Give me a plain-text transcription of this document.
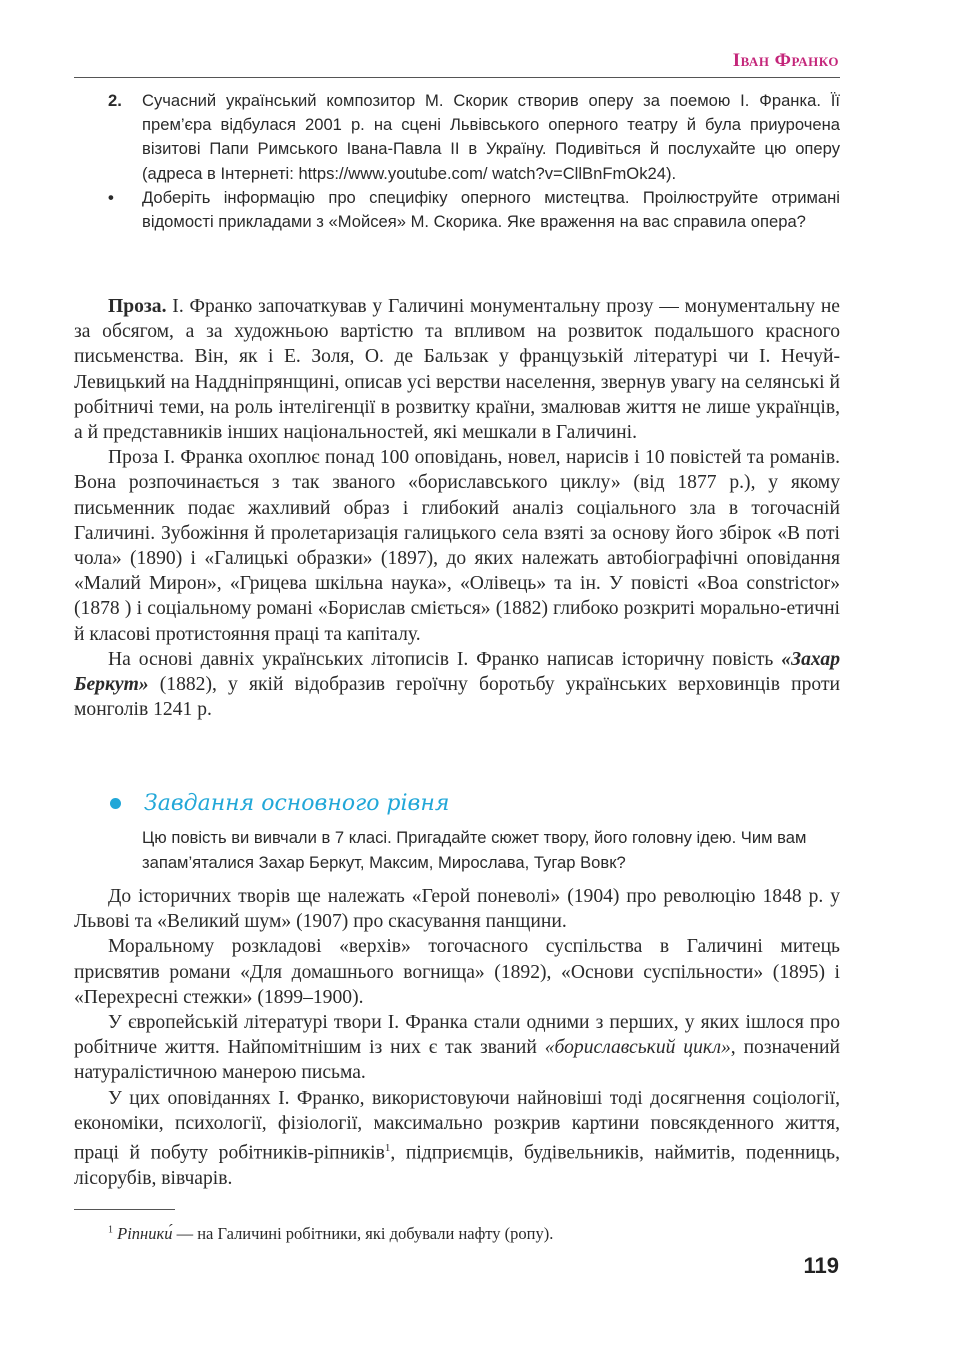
Іван Франко
2.	Сучасний український композитор М. Скорик створив оперу за поемою І. Франка. Її прем’єра відбулася 2001 р. на сцені Львівського оперного театру й була приурочена візитові Папи Римського Івана-Павла ІІ в Україну. Подивіться й послухайте цю оперу (адреса в Інтернеті: https://www.youtube.com/ watch?v=CllBnFmOk24).
•	Доберіть інформацію про специфіку оперного мистецтва. Проілюструйте отримані відомості прикладами з «Мойсея» М. Скорика. Яке враження на вас справила опера?

Проза. І. Франко започаткував у Галичині монументальну прозу — монументальну не за обсягом, а за художньою вартістю та впливом на розвиток подальшого красного письменства. Він, як і Е. Золя, О. де Бальзак у французькій літературі чи І. Нечуй-Левицький на Наддніпрянщині, описав усі верстви населення, звернув увагу на селянські й робітничі теми, на роль інтелігенції в розвитку країни, змалював життя не лише українців, а й представників інших національностей, які мешкали в Галичині.

Проза І. Франка охоплює понад 100 оповідань, новел, нарисів і 10 повістей та романів. Вона розпочинається з так званого «бориславського циклу» (від 1877 р.), у якому письменник подає жахливий образ і глибокий аналіз соціального зла в тогочасній Галичині. Зубожіння й пролетаризація галицького села взяті за основу його збірок «В поті чола» (1890) і «Галицькі образки» (1897), до яких належать автобіографічні оповідання «Малий Мирон», «Грицева шкільна наука», «Олівець» та ін. У повісті «Boa constrictor» (1878 ) і соціальному романі «Борислав сміється» (1882) глибоко розкриті морально-етичні й класові протистояння праці та капіталу.

На основі давніх українських літописів І. Франко написав історичну повість «Захар Беркут» (1882), у якій відобразив героїчну боротьбу українських верховинців проти монголів 1241 р.

Завдання основного рівня
Цю повість ви вивчали в 7 класі. Пригадайте сюжет твору, його головну ідею. Чим вам запам’яталися Захар Беркут, Максим, Мирослава, Тугар Вовк?

До історичних творів ще належать «Герой поневолі» (1904) про революцію 1848 р. у Львові та «Великий шум» (1907) про скасування панщини.

Моральному розкладові «верхів» тогочасного суспільства в Галичині митець присвятив романи «Для домашнього вогнища» (1892), «Основи суспільности» (1895) і «Перехресні стежки» (1899–1900).

У європейській літературі твори І. Франка стали одними з перших, у яких ішлося про робітниче життя. Найпомітнішим із них є так званий «бориславський цикл», позначений натуралістичною манерою письма.

У цих оповіданнях І. Франко, використовуючи найновіші тоді досягнення соціології, економіки, психології, фізіології, максимально розкрив картини повсякденного життя, праці й побуту робітників-ріпників$^1$, підприємців, будівельників, наймитів, поденниць, лісорубів, вівчарів.

$^1$ Ріпники́ — на Галичині робітники, які добували нафту (ропу).
119
